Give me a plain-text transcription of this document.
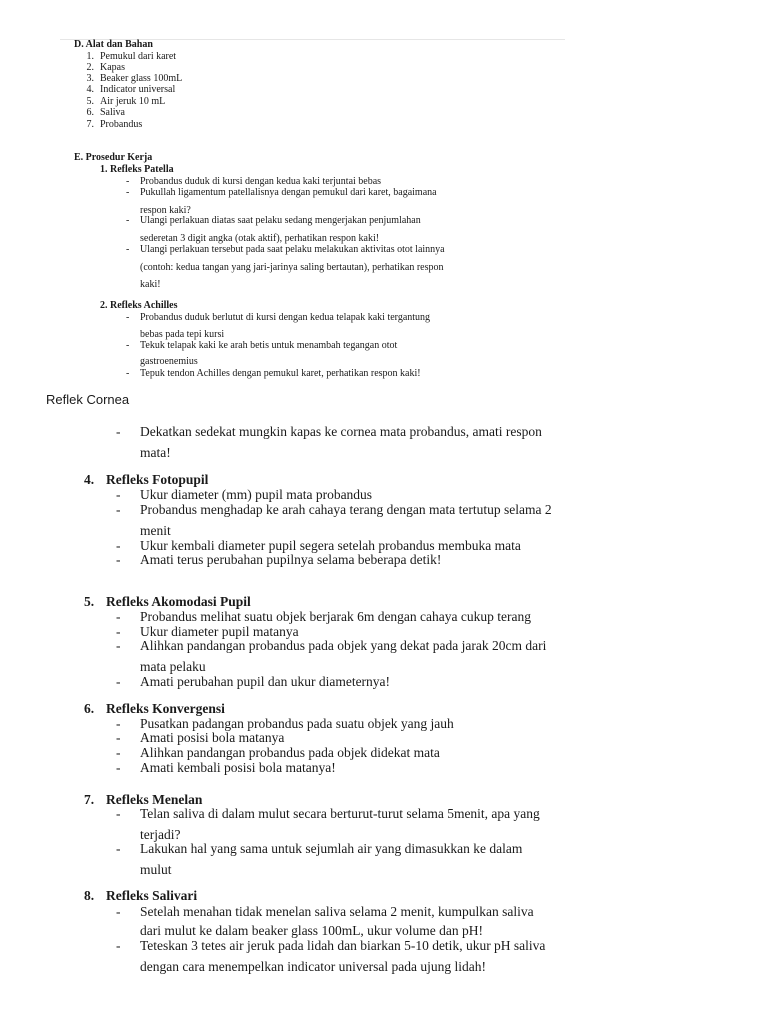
D. Alat dan Bahan
1. Pemukul dari karet
2. Kapas
3. Beaker glass 100mL
4. Indicator universal
5. Air jeruk 10 mL
6. Saliva
7. Probandus
E. Prosedur Kerja
1. Refleks Patella
-	Probandus duduk di kursi dengan kedua kaki terjuntai bebas
-	Pukullah ligamentum patellalisnya dengan pemukul dari karet, bagaimana
respon kaki?
-	Ulangi perlakuan diatas saat pelaku sedang mengerjakan penjumlahan
sederetan 3 digit angka (otak aktif), perhatikan respon kaki!
-	Ulangi perlakuan tersebut pada saat pelaku melakukan aktivitas otot lainnya
(contoh: kedua tangan yang jari-jarinya saling bertautan), perhatikan respon
kaki!
2. Refleks Achilles
-	Probandus duduk berlutut di kursi dengan kedua telapak kaki tergantung
bebas pada tepi kursi
-	Tekuk telapak kaki ke arah betis untuk menambah tegangan otot
gastroenemius
-	Tepuk tendon Achilles dengan pemukul karet, perhatikan respon kaki!
Reflek Cornea
-	Dekatkan sedekat mungkin kapas ke cornea mata probandus, amati respon
mata!
4. Refleks Fotopupil
-	Ukur diameter (mm) pupil mata probandus
-	Probandus menghadap ke arah cahaya terang dengan mata tertutup selama 2
menit
-	Ukur kembali diameter pupil segera setelah probandus membuka mata
-	Amati terus perubahan pupilnya selama beberapa detik!
5. Refleks Akomodasi Pupil
-	Probandus melihat suatu objek berjarak 6m dengan cahaya cukup terang
-	Ukur diameter pupil matanya
-	Alihkan pandangan probandus pada objek yang dekat pada jarak 20cm dari
mata pelaku
-	Amati perubahan pupil dan ukur diameternya!
6. Refleks Konvergensi
-	Pusatkan padangan probandus pada suatu objek yang jauh
-	Amati posisi bola matanya
-	Alihkan pandangan probandus pada objek didekat mata
-	Amati kembali posisi bola matanya!
7. Refleks Menelan
-	Telan saliva di dalam mulut secara berturut-turut selama 5menit, apa yang
terjadi?
-	Lakukan hal yang sama untuk sejumlah air yang dimasukkan ke dalam
mulut
8. Refleks Salivari
-	Setelah menahan tidak menelan saliva selama 2 menit, kumpulkan saliva
dari mulut ke dalam beaker glass 100mL, ukur volume dan pH!
-	Teteskan 3 tetes air jeruk pada lidah dan biarkan 5-10 detik, ukur pH saliva
dengan cara menempelkan indicator universal pada ujung lidah!
